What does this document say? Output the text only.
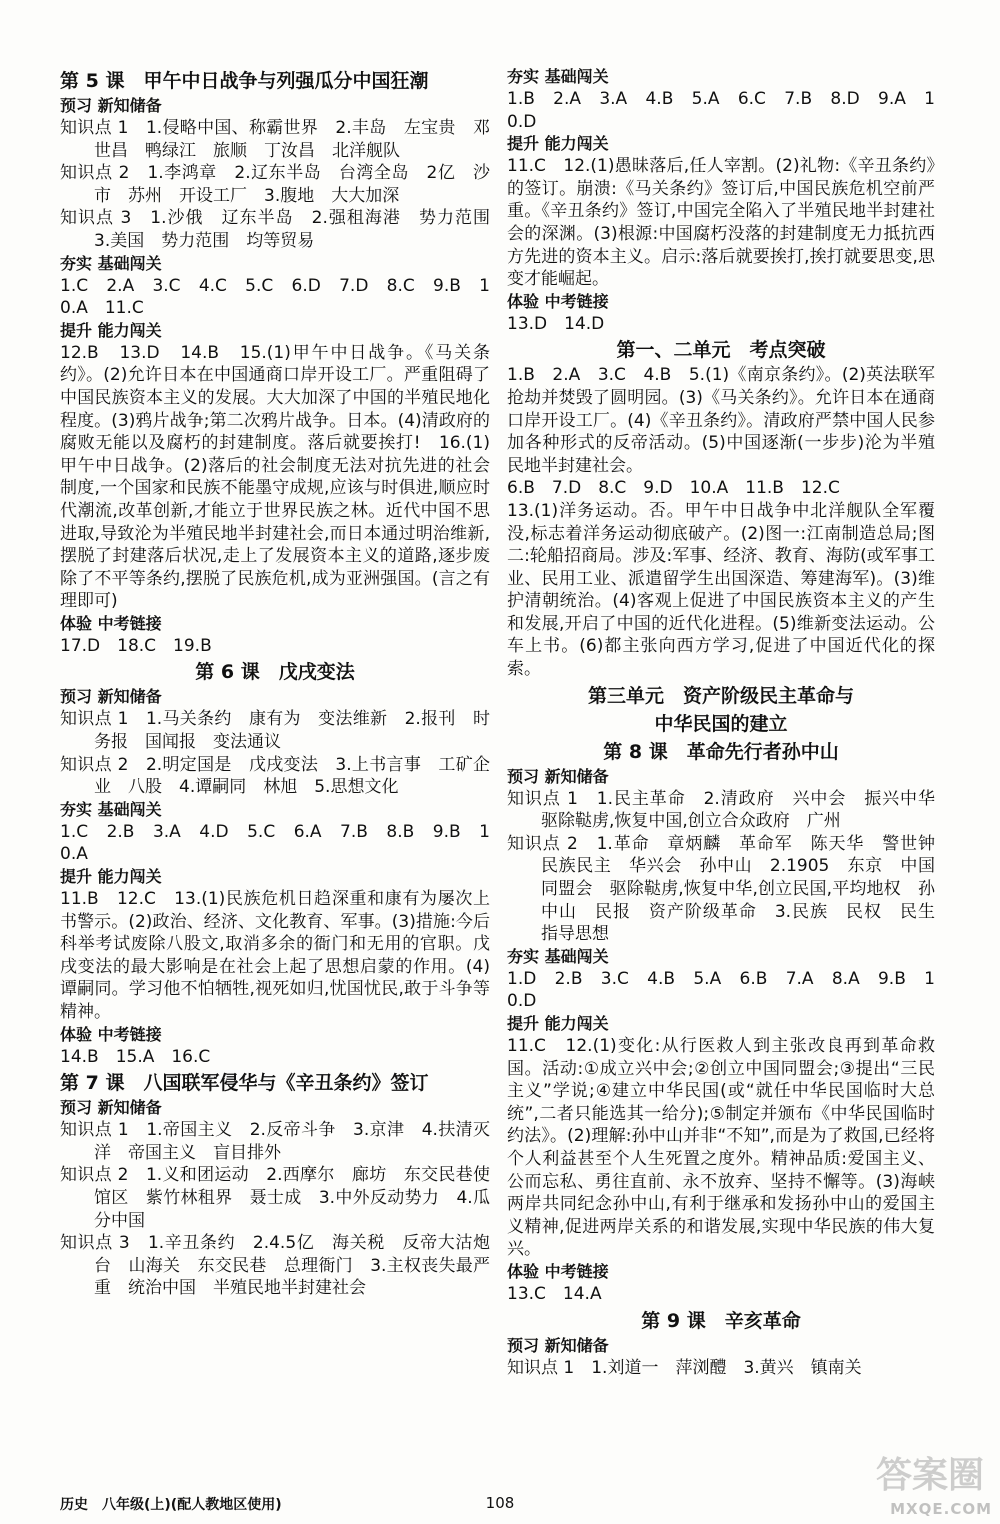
第 5 课　甲午中日战争与列强瓜分中国狂潮
预习 新知储备
知识点 1　1.侵略中国、称霸世界　2.丰岛　左宝贵　邓世昌　鸭绿江　旅顺　丁汝昌　北洋舰队
知识点 2　1.李鸿章　2.辽东半岛　台湾全岛　2亿　沙市　苏州　开设工厂　3.腹地　大大加深
知识点 3　1.沙俄　辽东半岛　2.强租海港　势力范围　3.美国　势力范围　均等贸易
夯实 基础闯关
1.C　2.A　3.C　4.C　5.C　6.D　7.D　8.C　9.B　10.A　11.C
提升 能力闯关
12.B　13.D　14.B　15.(1)甲午中日战争。《马关条约》。(2)允许日本在中国通商口岸开设工厂。严重阻碍了中国民族资本主义的发展。大大加深了中国的半殖民地化程度。(3)鸦片战争;第二次鸦片战争。日本。(4)清政府的腐败无能以及腐朽的封建制度。落后就要挨打!　16.(1)甲午中日战争。(2)落后的社会制度无法对抗先进的社会制度,一个国家和民族不能墨守成规,应该与时俱进,顺应时代潮流,改革创新,才能立于世界民族之林。近代中国不思进取,导致沦为半殖民地半封建社会,而日本通过明治维新,摆脱了封建落后状况,走上了发展资本主义的道路,逐步废除了不平等条约,摆脱了民族危机,成为亚洲强国。(言之有理即可)
体验 中考链接
17.D　18.C　19.B
第 6 课　戊戌变法
预习 新知储备
知识点 1　1.马关条约　康有为　变法维新　2.报刊　时务报　国闻报　变法通议
知识点 2　2.明定国是　戊戌变法　3.上书言事　工矿企业　八股　4.谭嗣同　林旭　5.思想文化
夯实 基础闯关
1.C　2.B　3.A　4.D　5.C　6.A　7.B　8.B　9.B　10.A
提升 能力闯关
11.B　12.C　13.(1)民族危机日趋深重和康有为屡次上书警示。(2)政治、经济、文化教育、军事。(3)措施:今后科举考试废除八股文,取消多余的衙门和无用的官职。戊戌变法的最大影响是在社会上起了思想启蒙的作用。(4)谭嗣同。学习他不怕牺牲,视死如归,忧国忧民,敢于斗争等精神。
体验 中考链接
14.B　15.A　16.C
第 7 课　八国联军侵华与《辛丑条约》签订
预习 新知储备
知识点 1　1.帝国主义　2.反帝斗争　3.京津　4.扶清灭洋　帝国主义　盲目排外
知识点 2　1.义和团运动　2.西摩尔　廊坊　东交民巷使馆区　紫竹林租界　聂士成　3.中外反动势力　4.瓜分中国
知识点 3　1.辛丑条约　2.4.5亿　海关税　反帝大沽炮台　山海关　东交民巷　总理衙门　3.主权丧失最严重　统治中国　半殖民地半封建社会
夯实 基础闯关
1.B　2.A　3.A　4.B　5.A　6.C　7.B　8.D　9.A　10.D
提升 能力闯关
11.C　12.(1)愚昧落后,任人宰割。(2)礼物:《辛丑条约》的签订。崩溃:《马关条约》签订后,中国民族危机空前严重。《辛丑条约》签订,中国完全陷入了半殖民地半封建社会的深渊。(3)根源:中国腐朽没落的封建制度无力抵抗西方先进的资本主义。启示:落后就要挨打,挨打就要思变,思变才能崛起。
体验 中考链接
13.D　14.D
第一、二单元　考点突破
1.B　2.A　3.C　4.B　5.(1)《南京条约》。(2)英法联军抢劫并焚毁了圆明园。(3)《马关条约》。允许日本在通商口岸开设工厂。(4)《辛丑条约》。清政府严禁中国人民参加各种形式的反帝活动。(5)中国逐渐(一步步)沦为半殖民地半封建社会。
6.B　7.D　8.C　9.D　10.A　11.B　12.C
13.(1)洋务运动。否。甲午中日战争中北洋舰队全军覆没,标志着洋务运动彻底破产。(2)图一:江南制造总局;图二:轮船招商局。涉及:军事、经济、教育、海防(或军事工业、民用工业、派遣留学生出国深造、筹建海军)。(3)维护清朝统治。(4)客观上促进了中国民族资本主义的产生和发展,开启了中国的近代化进程。(5)维新变法运动。公车上书。(6)都主张向西方学习,促进了中国近代化的探索。
第三单元　资产阶级民主革命与
中华民国的建立
第 8 课　革命先行者孙中山
预习 新知储备
知识点 1　1.民主革命　2.清政府　兴中会　振兴中华　驱除鞑虏,恢复中国,创立合众政府　广州
知识点 2　1.革命　章炳麟　革命军　陈天华　警世钟　民族民主　华兴会　孙中山　2.1905　东京　中国同盟会　驱除鞑虏,恢复中华,创立民国,平均地权　孙中山　民报　资产阶级革命　3.民族　民权　民生　指导思想
夯实 基础闯关
1.D　2.B　3.C　4.B　5.A　6.B　7.A　8.A　9.B　10.D
提升 能力闯关
11.C　12.(1)变化:从行医救人到主张改良再到革命救国。活动:①成立兴中会;②创立中国同盟会;③提出“三民主义”学说;④建立中华民国(或“就任中华民国临时大总统”,二者只能选其一给分);⑤制定并颁布《中华民国临时约法》。(2)理解:孙中山并非“不知”,而是为了救国,已经将个人利益甚至个人生死置之度外。精神品质:爱国主义、公而忘私、勇往直前、永不放弃、坚持不懈等。(3)海峡两岸共同纪念孙中山,有利于继承和发扬孙中山的爱国主义精神,促进两岸关系的和谐发展,实现中华民族的伟大复兴。
体验 中考链接
13.C　14.A
第 9 课　辛亥革命
预习 新知储备
知识点 1　1.刘道一　萍浏醴　3.黄兴　镇南关
历史　八年级(上)(配人教地区使用)	108
答案圈
MXQE.COM
